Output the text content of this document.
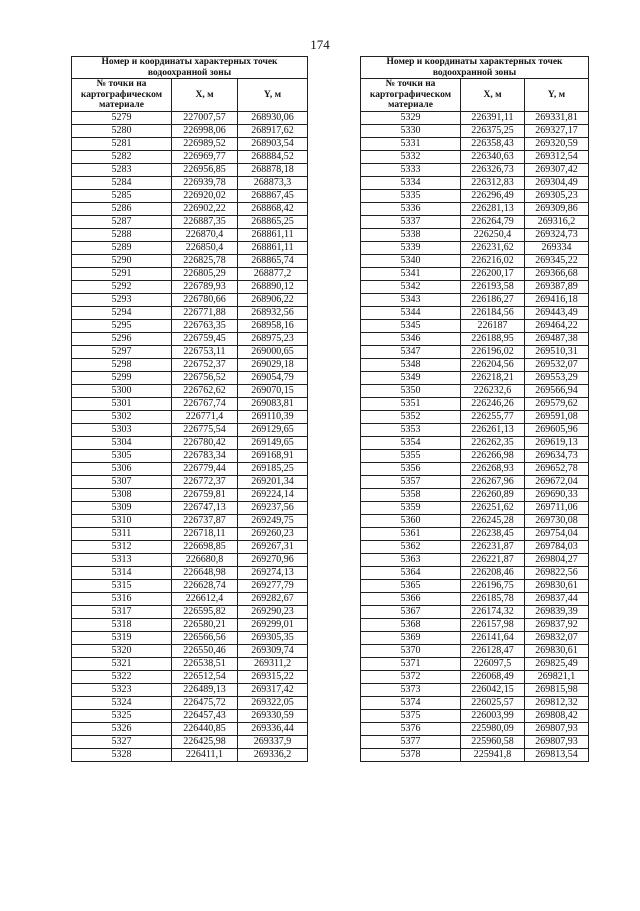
174
Номер и координаты характерных точек водоохранной зоны		
№ точки на картографическом материале	X, м	Y, м
5279	227007,57	268930,06
5280	226998,06	268917,62
5281	226989,52	268903,54
5282	226969,77	268884,52
5283	226956,85	268878,18
5284	226939,78	268873,3
5285	226920,02	268867,45
5286	226902,22	268868,42
5287	226887,35	268865,25
5288	226870,4	268861,11
5289	226850,4	268861,11
5290	226825,78	268865,74
5291	226805,29	268877,2
5292	226789,93	268890,12
5293	226780,66	268906,22
5294	226771,88	268932,56
5295	226763,35	268958,16
5296	226759,45	268975,23
5297	226753,11	269000,65
5298	226752,37	269029,18
5299	226756,52	269054,79
5300	226762,62	269070,15
5301	226767,74	269083,81
5302	226771,4	269110,39
5303	226775,54	269129,65
5304	226780,42	269149,65
5305	226783,34	269168,91
5306	226779,44	269185,25
5307	226772,37	269201,34
5308	226759,81	269224,14
5309	226747,13	269237,56
5310	226737,87	269249,75
5311	226718,11	269260,23
5312	226698,85	269267,31
5313	226680,8	269270,96
5314	226648,98	269274,13
5315	226628,74	269277,79
5316	226612,4	269282,67
5317	226595,82	269290,23
5318	226580,21	269299,01
5319	226566,56	269305,35
5320	226550,46	269309,74
5321	226538,51	269311,2
5322	226512,54	269315,22
5323	226489,13	269317,42
5324	226475,72	269322,05
5325	226457,43	269330,59
5326	226440,85	269336,44
5327	226425,98	269337,9
5328	226411,1	269336,2
Номер и координаты характерных точек водоохранной зоны		
№ точки на картографическом материале	X, м	Y, м
5329	226391,11	269331,81
5330	226375,25	269327,17
5331	226358,43	269320,59
5332	226340,63	269312,54
5333	226326,73	269307,42
5334	226312,83	269304,49
5335	226296,49	269305,23
5336	226281,13	269309,86
5337	226264,79	269316,2
5338	226250,4	269324,73
5339	226231,62	269334
5340	226216,02	269345,22
5341	226200,17	269366,68
5342	226193,58	269387,89
5343	226186,27	269416,18
5344	226184,56	269443,49
5345	226187	269464,22
5346	226188,95	269487,38
5347	226196,02	269510,31
5348	226204,56	269532,07
5349	226218,21	269553,29
5350	226232,6	269566,94
5351	226246,26	269579,62
5352	226255,77	269591,08
5353	226261,13	269605,96
5354	226262,35	269619,13
5355	226266,98	269634,73
5356	226268,93	269652,78
5357	226267,96	269672,04
5358	226260,89	269690,33
5359	226251,62	269711,06
5360	226245,28	269730,08
5361	226238,45	269754,04
5362	226231,87	269784,03
5363	226221,87	269804,27
5364	226208,46	269822,56
5365	226196,75	269830,61
5366	226185,78	269837,44
5367	226174,32	269839,39
5368	226157,98	269837,92
5369	226141,64	269832,07
5370	226128,47	269830,61
5371	226097,5	269825,49
5372	226068,49	269821,1
5373	226042,15	269815,98
5374	226025,57	269812,32
5375	226003,99	269808,42
5376	225980,09	269807,93
5377	225960,58	269807,93
5378	225941,8	269813,54
